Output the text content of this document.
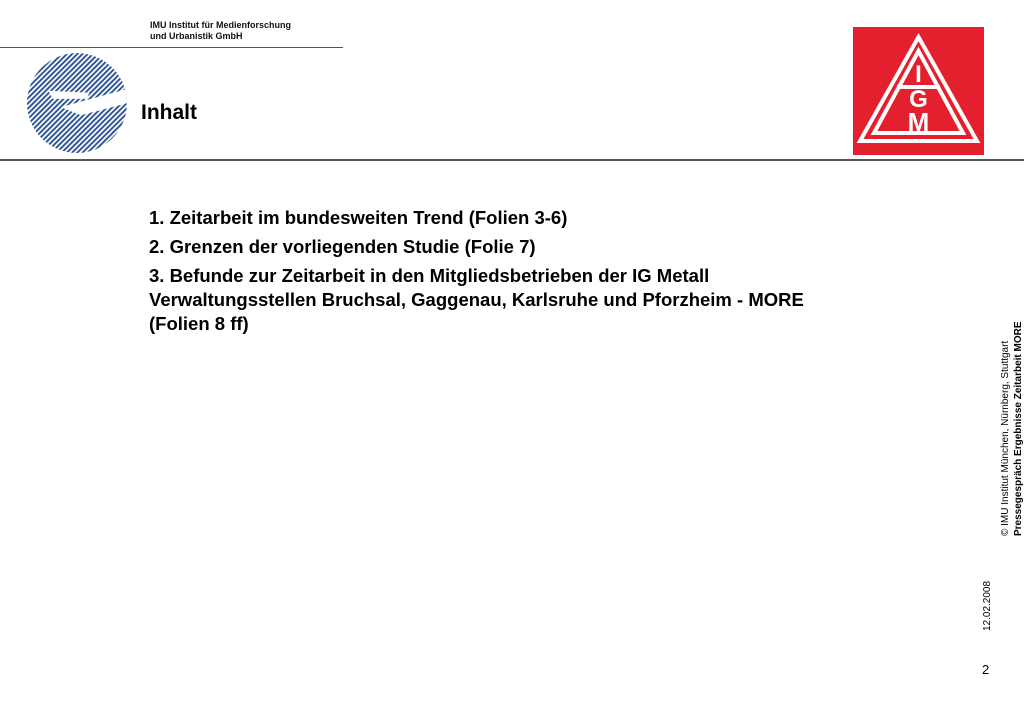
IMU Institut für Medienforschung
und Urbanistik GmbH
Inhalt
I
G
M
1. Zeitarbeit im bundesweiten Trend (Folien 3-6)
2. Grenzen der vorliegenden Studie (Folie 7)
3. Befunde zur Zeitarbeit in den Mitgliedsbetrieben der IG Metall
Verwaltungsstellen Bruchsal, Gaggenau, Karlsruhe und Pforzheim - MORE
(Folien 8 ff)
© IMU Institut München, Nürnberg, Stuttgart Pressegespräch Ergebnisse Zeitarbeit MORE
12.02.2008
2
